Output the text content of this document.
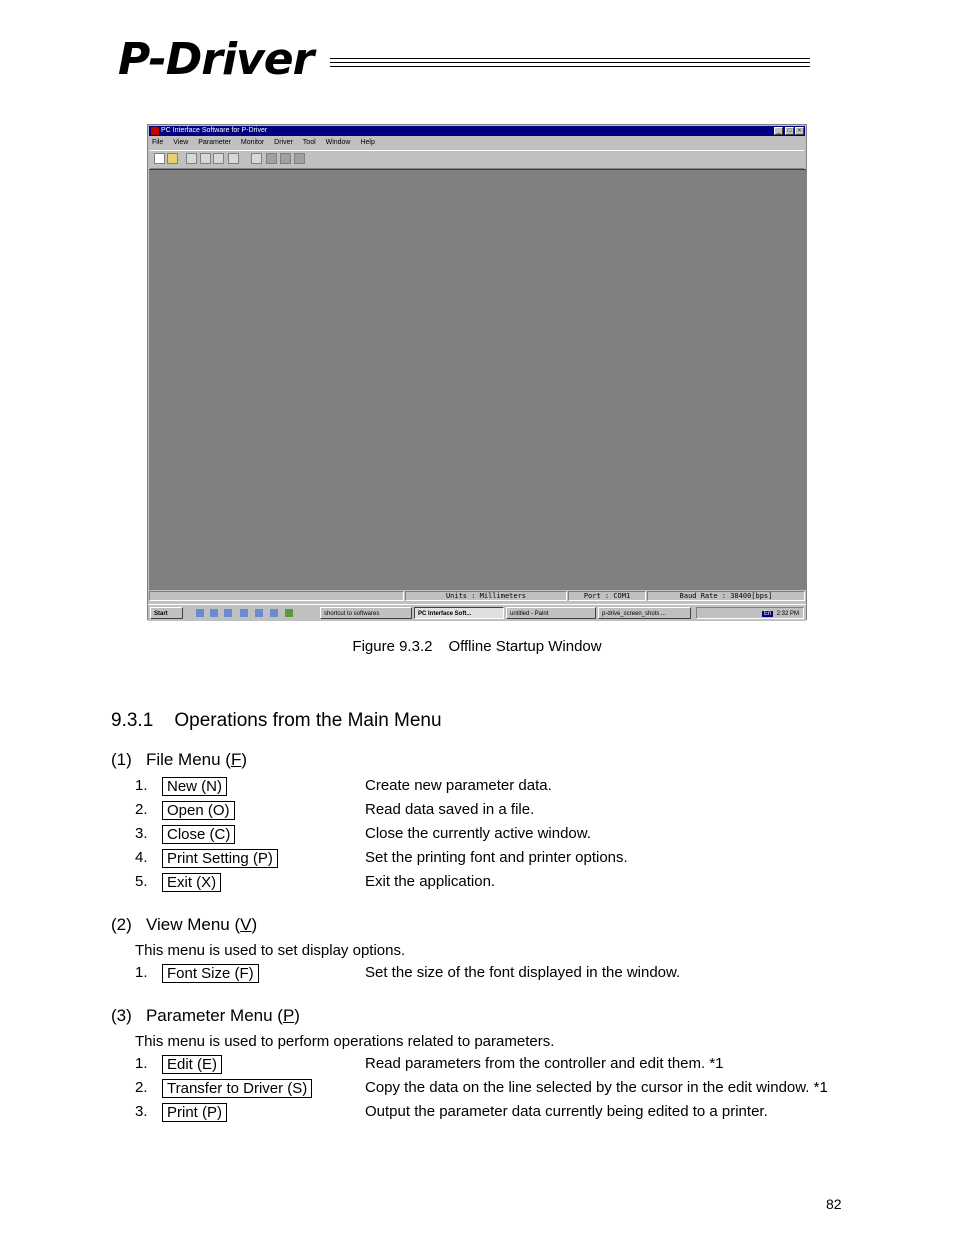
P-Driver
PC Interface Software for P-Driver	_	□	×
File View Parameter Monitor Driver Tool Window Help
Units : Millimeters	Port : COM1	Baud Rate : 38400[bps]
Start	shortcut to softwares	PC Interface Soft...	untitled - Paint	p-drive_screen_shots ...	En 2:32 PM
Figure 9.3.2 Offline Startup Window
9.3.1 Operations from the Main Menu
(1)   File Menu (F)
1.	New (N)	Create new parameter data.
2.	Open (O)	Read data saved in a file.
3.	Close (C)	Close the currently active window.
4.	Print Setting (P)	Set the printing font and printer options.
5.	Exit (X)	Exit the application.
(2)   View Menu (V)
This menu is used to set display options.
1.	Font Size (F)	Set the size of the font displayed in the window.
(3)   Parameter Menu (P)
This menu is used to perform operations related to parameters.
1.	Edit (E)	Read parameters from the controller and edit them. *1
2.	Transfer to Driver (S)	Copy the data on the line selected by the cursor in the edit window. *1
3.	Print (P)	Output the parameter data currently being edited to a printer.
82
